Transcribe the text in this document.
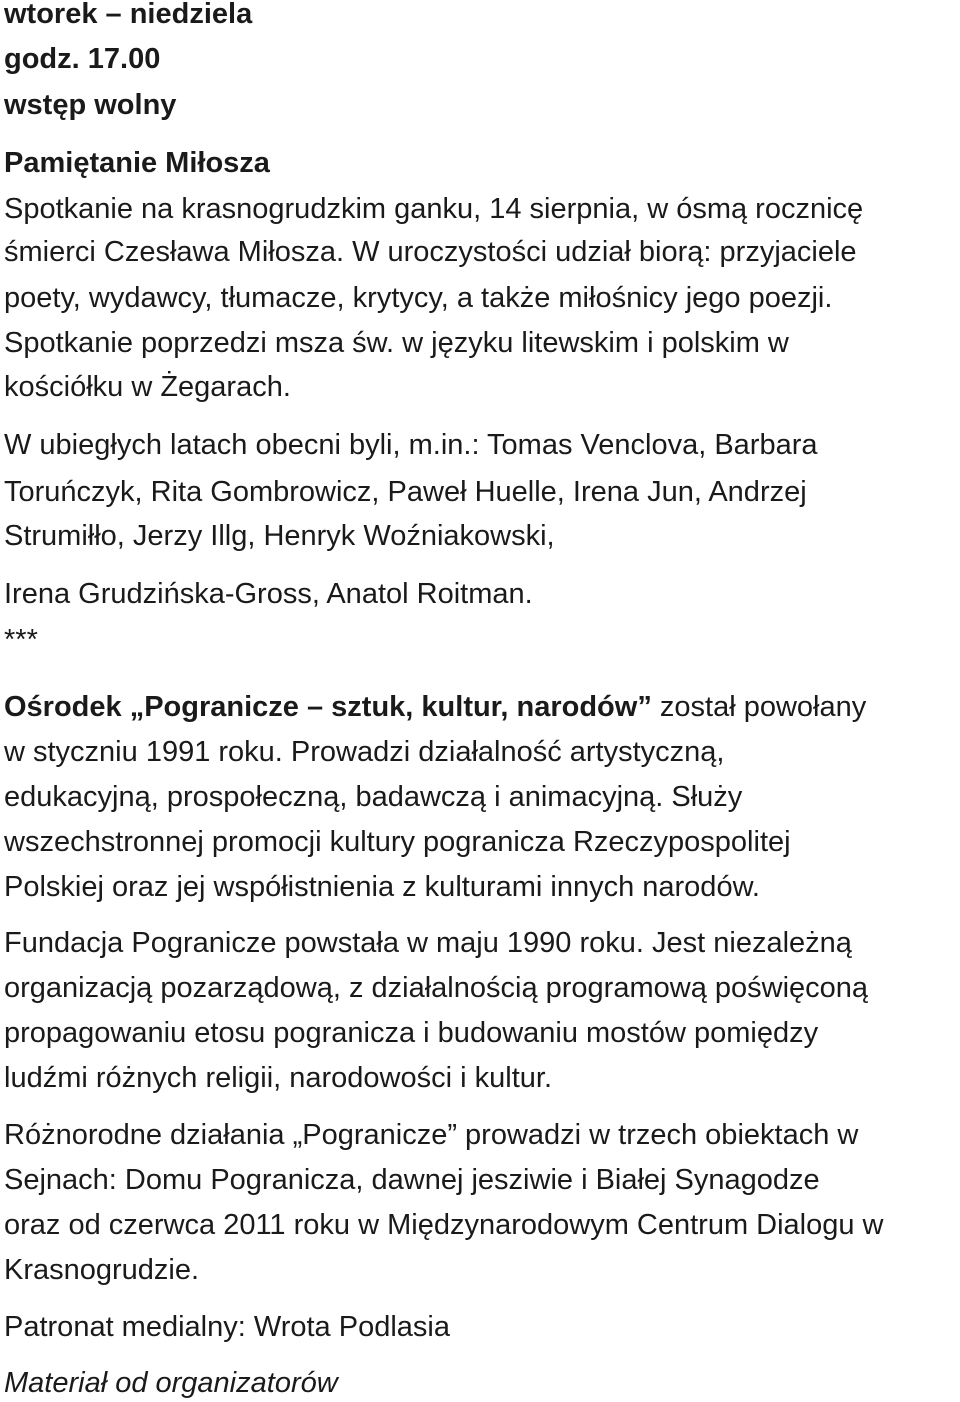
wtorek – niedziela
godz. 17.00
wstęp wolny
Pamiętanie Miłosza
Spotkanie na krasnogrudzkim ganku, 14 sierpnia, w ósmą rocznicę
śmierci Czesława Miłosza. W uroczystości udział biorą: przyjaciele
poety, wydawcy, tłumacze, krytycy, a także miłośnicy jego poezji.
Spotkanie poprzedzi msza św. w języku litewskim i polskim w
kościółku w Żegarach.
W ubiegłych latach obecni byli, m.in.: Tomas Venclova, Barbara
Toruńczyk, Rita Gombrowicz, Paweł Huelle, Irena Jun, Andrzej
Strumiłło, Jerzy Illg, Henryk Woźniakowski,
Irena Grudzińska-Gross, Anatol Roitman.
***
Ośrodek „Pogranicze – sztuk, kultur, narodów” został powołany
w styczniu 1991 roku. Prowadzi działalność artystyczną,
edukacyjną, prospołeczną, badawczą i animacyjną. Służy
wszechstronnej promocji kultury pogranicza Rzeczypospolitej
Polskiej oraz jej współistnienia z kulturami innych narodów.
Fundacja Pogranicze powstała w maju 1990 roku. Jest niezależną
organizacją pozarządową, z działalnością programową poświęconą
propagowaniu etosu pogranicza i budowaniu mostów pomiędzy
ludźmi różnych religii, narodowości i kultur.
Różnorodne działania „Pogranicze” prowadzi w trzech obiektach w
Sejnach: Domu Pogranicza, dawnej jesziwie i Białej Synagodze
oraz od czerwca 2011 roku w Międzynarodowym Centrum Dialogu w
Krasnogrudzie.
Patronat medialny: Wrota Podlasia
Materiał od organizatorów
